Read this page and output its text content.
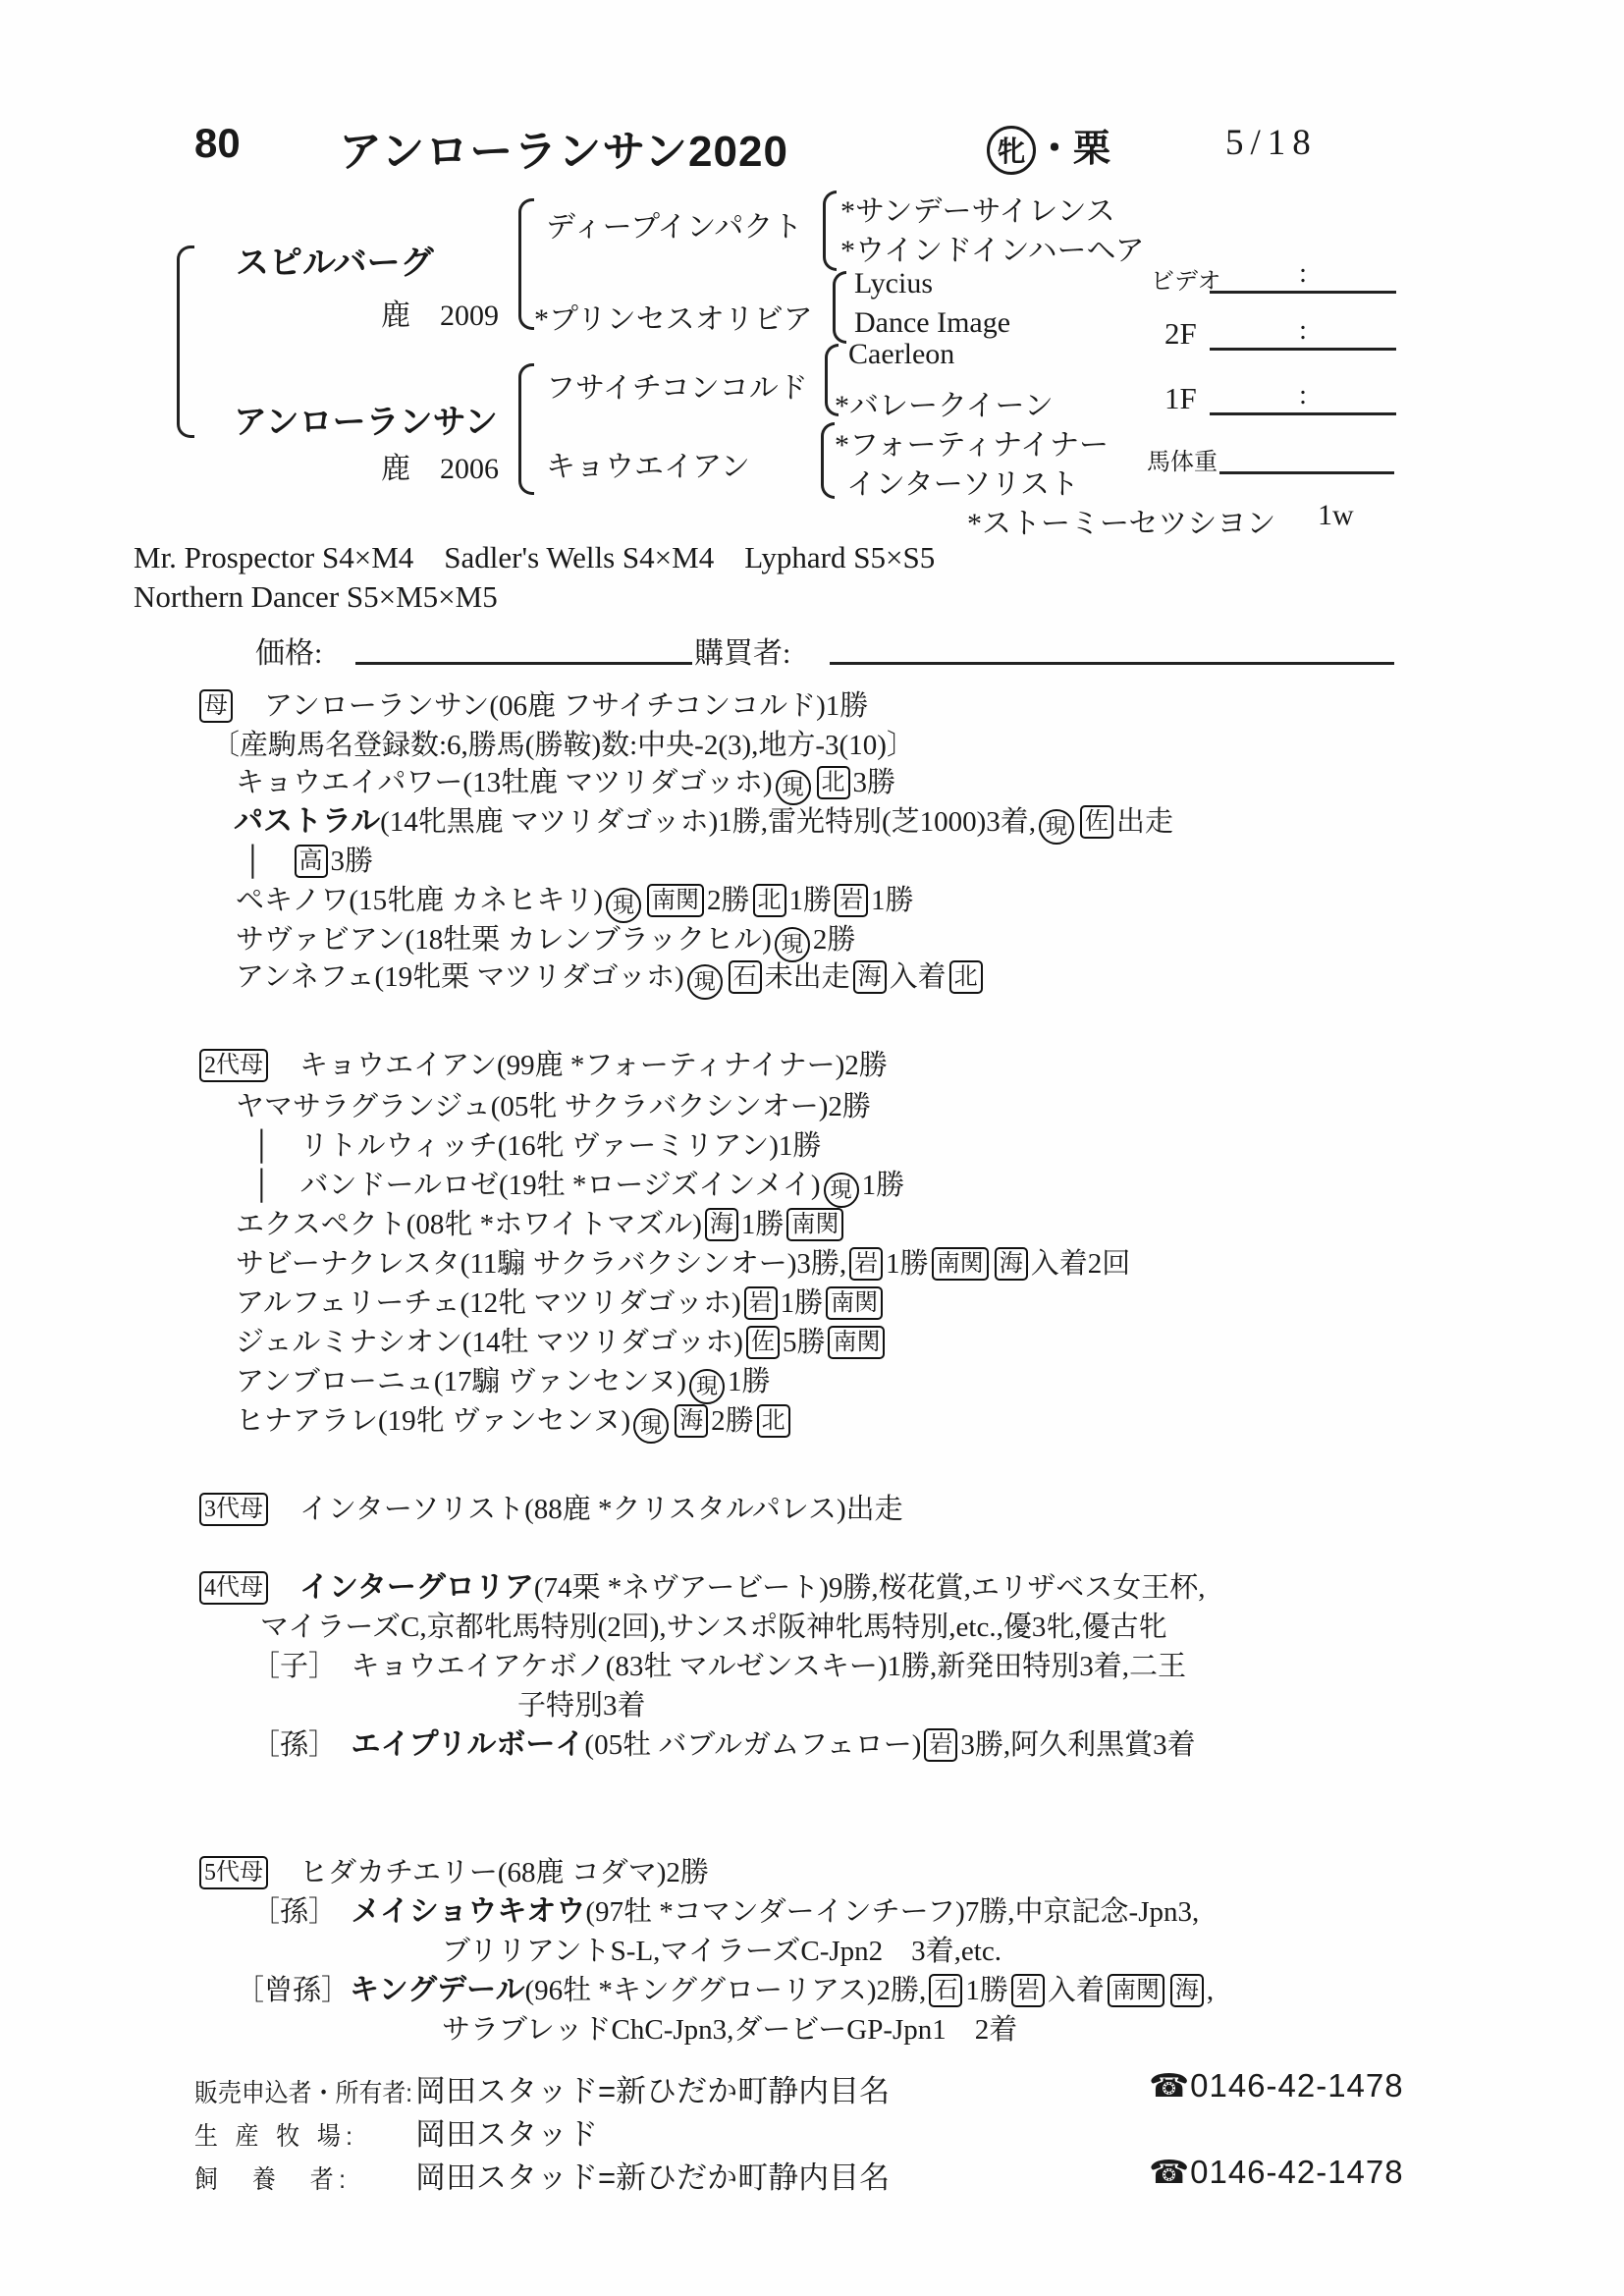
80 アンローランサン2020	牝 ・栗	5/18
スピルバーグ
鹿　2009
アンローランサン
鹿　2006
ディープインパクト
*プリンセスオリビア
フサイチコンコルド
キョウエイアン
*サンデーサイレンス
*ウインドインハーヘア
Lycius
Dance Image
Caerleon
*バレークイーン
*フォーティナイナー
インターソリスト
*ストーミーセツシヨン 1w
ビデオ	:
2F	:
1F	:
馬体重
Mr. Prospector S4×M4　Sadler's Wells S4×M4　Lyphard S5×S5
Northern Dancer S5×M5×M5
価格:	購買者:
母　アンローランサン(06鹿 フサイチコンコルド)1勝
〔産駒馬名登録数:6,勝馬(勝鞍)数:中央-2(3),地方-3(10)〕
キョウエイパワー(13牡鹿 マツリダゴッホ) 現 北 3勝
パストラル(14牝黒鹿 マツリダゴッホ)1勝,雷光特別(芝1000)3着, 現 佐 出走
│　高 3勝
ペキノワ(15牝鹿 カネヒキリ) 現 南関 2勝 北 1勝 岩 1勝
サヴァビアン(18牡栗 カレンブラックヒル) 現 2勝
アンネフェ(19牝栗 マツリダゴッホ) 現 石 未出走 海 入着 北
2代母　キョウエイアン(99鹿 *フォーティナイナー)2勝
ヤマサラグランジュ(05牝 サクラバクシンオー)2勝
│　リトルウィッチ(16牝 ヴァーミリアン)1勝
│　バンドールロゼ(19牡 *ロージズインメイ) 現 1勝
エクスペクト(08牝 *ホワイトマズル) 海 1勝 南関
サビーナクレスタ(11騸 サクラバクシンオー)3勝, 岩 1勝 南関 海 入着2回
アルフェリーチェ(12牝 マツリダゴッホ) 岩 1勝 南関
ジェルミナシオン(14牡 マツリダゴッホ) 佐 5勝 南関
アンブローニュ(17騸 ヴァンセンヌ) 現 1勝
ヒナアラレ(19牝 ヴァンセンヌ) 現 海 2勝 北
3代母　インターソリスト(88鹿 *クリスタルパレス)出走
4代母　 インターグロリア(74栗 *ネヴアービート)9勝,桜花賞,エリザベス女王杯,
マイラーズC,京都牝馬特別(2回),サンスポ阪神牝馬特別,etc.,優3牝,優古牝
［子］　キョウエイアケボノ(83牡 マルゼンスキー)1勝,新発田特別3着,二王
子特別3着
［孫］　エイプリルボーイ(05牡 バブルガムフェロー) 岩 3勝,阿久利黒賞3着
5代母　ヒダカチエリー(68鹿 コダマ)2勝
［孫］　メイショウキオウ(97牡 *コマンダーインチーフ)7勝,中京記念-Jpn3,
ブリリアントS-L,マイラーズC-Jpn2　3着,etc.
［曾孫］キングデール(96牡 *キンググローリアス)2勝, 石 1勝 岩 入着 南関 海 ,
サラブレッドChC-Jpn3,ダービーGP-Jpn1　2着
販売申込者・所有者:岡田スタッド=新ひだか町静内目名	☎0146-42-1478
生 産 牧 場: 岡田スタッド
飼　養　者: 岡田スタッド=新ひだか町静内目名	☎0146-42-1478
